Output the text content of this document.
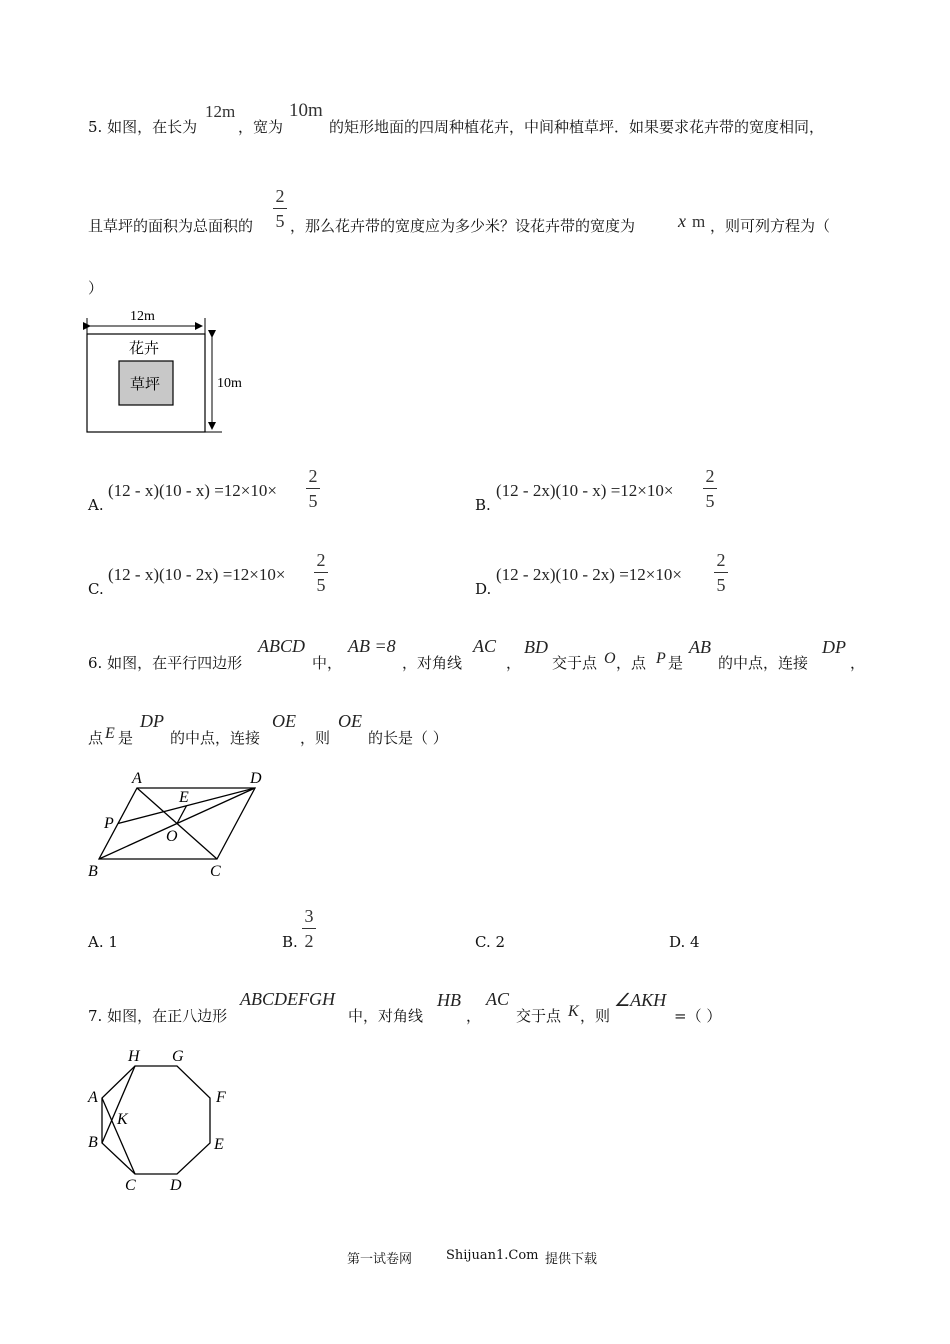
5. 如图，在长为
12m
，宽为
10m
的矩形地面的四周种植花卉，中间种植草坪．如果要求花卉带的宽度相同，
且草坪的面积为总面积的
2
5 ，那么花卉带的宽度应为多少米？设花卉带的宽度为 x m ，则可列方程为（
）
12m
10m
花卉
草坪
A.
(12 - x)(10 - x) =12×10×
2
5	B.
(12 - 2x)(10 - x) =12×10×
2
5
C.
(12 - x)(10 - 2x) =12×10×
2
5	D.
(12 - 2x)(10 - 2x) =12×10×
2
5
6. 如图，在平行四边形
ABCD
中，
AB =8
，对角线
AC
，
BD
交于点 O ，点 P 是
AB
的中点，连接
DP
，
点 E 是
DP
的中点，连接
OE
，则
OE
的长是（ ）
A	D
E
P
O
B	C
A. 1	B.
3
2	C. 2	D. 4
7. 如图，在正八边形
ABCDEFGH
中，对角线
HB
，
AC
交于点 K ，则
∠AKH
=（ ）
H G
F
A
K
B	E
C D
第一试卷网	Shijuan1.Com 提供下载
